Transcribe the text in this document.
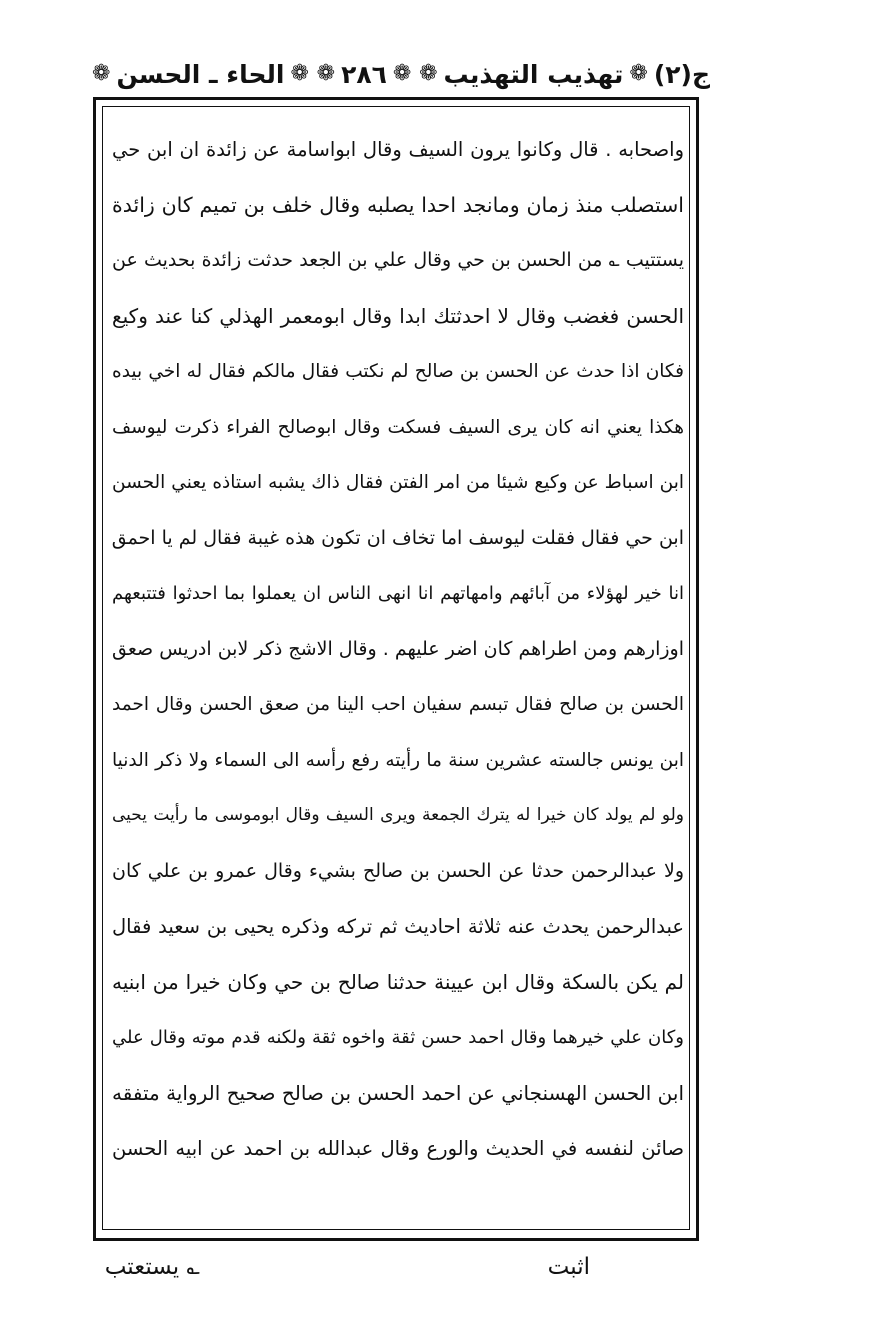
ج(٢)
❁
تهذيب التهذيب
❁
❁
٢٨٦
❁
❁
الحاء ـ الحسن
❁
واصحابه . قال وكانوا يرون السيف وقال ابواسامة عن زائدة ان ابن حي
استصلب منذ زمان ومانجد احدا يصلبه وقال خلف بن تميم كان زائدة
يستتيب ؎ من الحسن بن حي وقال علي بن الجعد حدثت زائدة بحديث عن
الحسن فغضب وقال لا احدثتك ابدا وقال ابومعمر الهذلي كنا عند وكيع
فكان اذا حدث عن الحسن بن صالح لم نكتب فقال مالكم فقال له اخي بيده
هكذا يعني انه كان يرى السيف فسكت وقال ابوصالح الفراء ذكرت ليوسف
ابن اسباط عن وكيع شيئا من امر الفتن فقال ذاك يشبه استاذه يعني الحسن
ابن حي فقال فقلت ليوسف اما تخاف ان تكون هذه غيبة فقال لم يا احمق
انا خير لهؤلاء من آبائهم وامهاتهم انا انهى الناس ان يعملوا بما احدثوا فتتبعهم
اوزارهم ومن اطراهم كان اضر عليهم . وقال الاشج ذكر لابن ادريس صعق
الحسن بن صالح فقال تبسم سفيان احب الينا من صعق الحسن وقال احمد
ابن يونس جالسته عشرين سنة ما رأيته رفع رأسه الى السماء ولا ذكر الدنيا
ولو لم يولد كان خيرا له يترك الجمعة ويرى السيف وقال ابوموسى ما رأيت يحيى
ولا عبدالرحمن حدثا عن الحسن بن صالح بشيء وقال عمرو بن علي كان
عبدالرحمن يحدث عنه ثلاثة احاديث ثم تركه وذكره يحيى بن سعيد فقال
لم يكن بالسكة وقال ابن عيينة حدثنا صالح بن حي وكان خيرا من ابنيه
وكان علي خيرهما وقال احمد حسن ثقة واخوه ثقة ولكنه قدم موته وقال علي
ابن الحسن الهسنجاني عن احمد الحسن بن صالح صحيح الرواية متفقه
صائن لنفسه في الحديث والورع وقال عبدالله بن احمد عن ابيه الحسن
؎ يستعتب	اثبت
